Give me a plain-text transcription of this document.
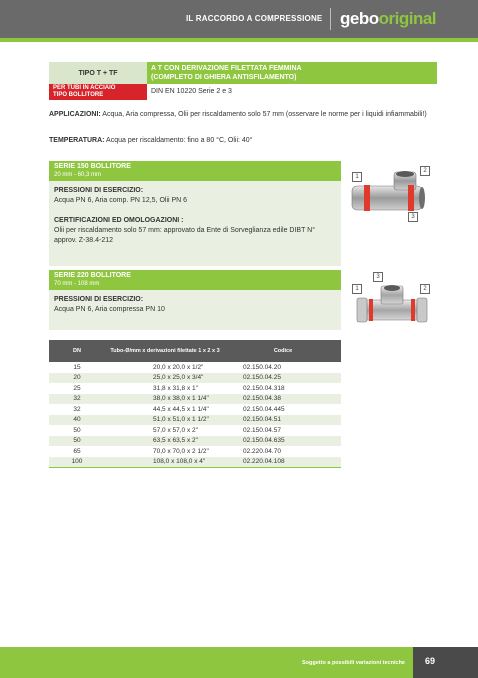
IL RACCORDO A COMPRESSIONE gebooriginal
TIPO T + TF
A T CON DERIVAZIONE FILETTATA FEMMINA
(COMPLETO DI GHIERA ANTISFILAMENTO)
PER TUBI IN ACCIAIO
TIPO BOLLITORE	DIN EN 10220 Serie 2 e 3
APPLICAZIONI: Acqua, Aria compressa, Olii per riscaldamento solo 57 mm (osservare le norme per i liquidi infiammabili!)
TEMPERATURA: Acqua per riscaldamento: fino a 80 °C, Olii: 40°
SERIE 150 BOLLITORE
20 mm - 60,3 mm
PRESSIONI DI ESERCIZIO:
Acqua PN 6, Aria comp. PN 12,5, Olii PN 6
CERTIFICAZIONI ED OMOLOGAZIONI :
Olii per riscaldamento solo 57 mm: approvato da Ente di Sorveglianza edile DIBT N° approv. Z-38.4-212
1
2
3
SERIE 220 BOLLITORE
70 mm - 108 mm
PRESSIONI DI ESERCIZIO:
Acqua PN 6, Aria compressa PN 10
1
3
2
DN	Tubo-Ø/mm x derivazioni filettate 1 x 2 x 3	Codice
15	20,0 x 20,0 x 1/2"	02.150.04.20
20	25,0 x 25,0 x 3/4"	02.150.04.25
25	31,8 x 31,8 x 1"	02.150.04.318
32	38,0 x 38,0 x 1 1/4"	02.150.04.38
32	44,5 x 44,5 x 1 1/4"	02.150.04.445
40	51,0 x 51,0 x 1 1/2"	02.150.04.51
50	57,0 x 57,0 x 2"	02.150.04.57
50	63,5 x 63,5 x 2"	02.150.04.635
65	70,0 x 70,0 x 2 1/2"	02.220.04.70
100	108,0 x 108,0 x 4"	02.220.04.108
Soggetto a possibili variazioni tecniche	69
